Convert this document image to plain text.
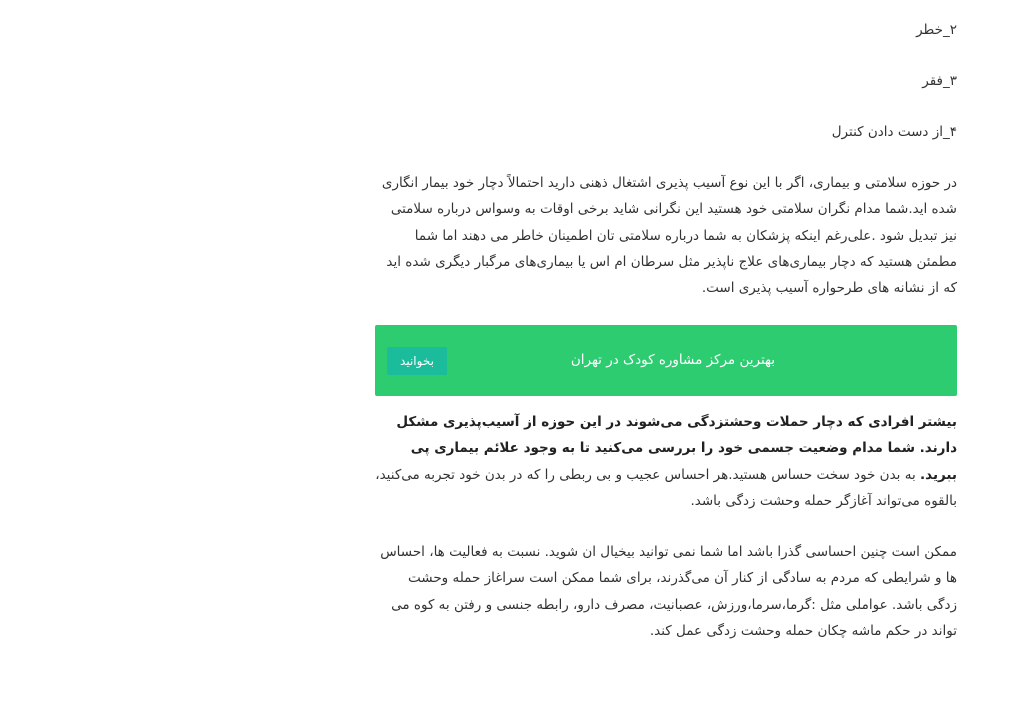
۲_خطر
۳_فقر
۴_از دست دادن کنترل

در حوزه سلامتی و بیماری، اگر با این نوع آسیب پذیری اشتغال ذهنی دارید احتمالاً دچار خود بیمار انگاری شده اید.شما مدام نگران سلامتی خود هستید این نگرانی شاید برخی اوقات به وسواس درباره سلامتی نیز تبدیل شود .علی‌رغم اینکه پزشکان به شما درباره سلامتی تان اطمینان خاطر می دهند اما شما مطمئن هستید که دچار بیماری‌های علاج ناپذیر مثل سرطان ام اس یا بیماری‌های مرگبار دیگری شده اید که از نشانه های طرحواره آسیب پذیری است.

بهترین مرکز مشاوره کودک در تهران
بخوانید

بیشتر افرادی که دچار حملات وحشتزدگی می‌شوند در این حوزه از آسیب‌پذیری مشکل دارند. شما مدام وضعیت جسمی خود را بررسی می‌کنید تا به وجود علائم بیماری پی ببرید. به بدن خود سخت حساس هستید.هر احساس عجیب و بی ربطی را که در بدن خود تجربه می‌کنید، بالقوه می‌تواند آغازگر حمله وحشت زدگی باشد.

ممکن است چنین احساسی گذرا باشد اما شما نمی توانید بیخیال ان شوید. نسبت به فعالیت ها، احساس ها و شرایطی که مردم به سادگی از کنار آن می‌گذرند، برای شما ممکن است سراغاز حمله وحشت زدگی باشد. عواملی مثل :گرما،سرما،ورزش، عصبانیت، مصرف دارو، رابطه جنسی و رفتن به کوه می تواند در حکم ماشه چکان حمله وحشت زدگی عمل کند.
